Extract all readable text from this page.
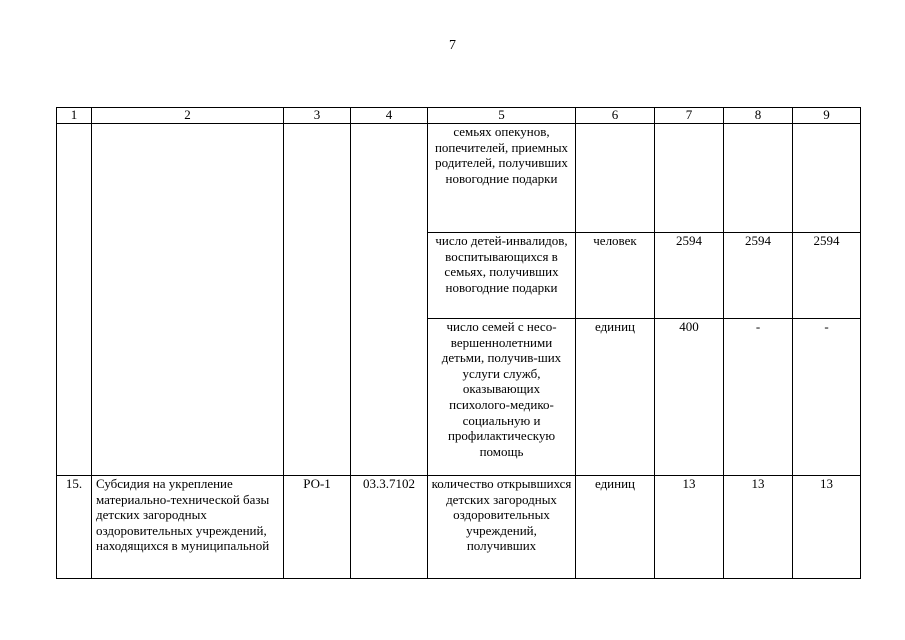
7
1	2	3	4	5	6	7	8	9
				семьях опекунов, попечителей, приемных родителей, получивших новогодние подарки				
				число детей-инвалидов, воспитывающихся в семьях, получивших новогодние подарки	человек	2594	2594	2594
				число семей с несо-вершеннолетними детьми, получив-ших услуги служб, оказывающих психолого-медико-социальную и профилактическую помощь	единиц	400	-	-
15.	Субсидия на укрепление материально-технической базы детских загородных оздоровительных учреждений, находящихся в муниципальной	РО-1	03.3.7102	количество открывшихся детских загородных оздоровительных учреждений, получивших	единиц	13	13	13
